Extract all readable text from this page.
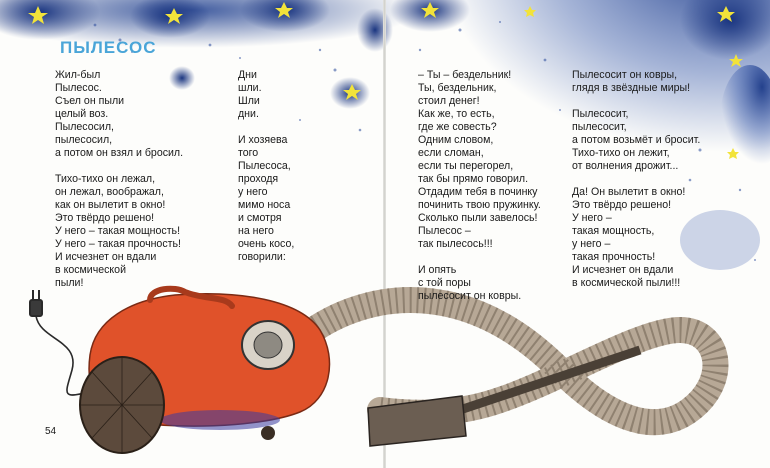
ПЫЛЕСОС
Жил-был
Пылесос.
Съел он пыли
целый воз.
Пылесосил,
пылесосил,
а потом он взял и бросил.
Тихо-тихо он лежал,
он лежал, воображал,
как он вылетит в окно!
Это твёрдо решено!
У него – такая мощность!
У него – такая прочность!
И исчезнет он вдали
в космической
пыли!
Дни
шли.
Шли
дни.
И хозяева
того
Пылесоса,
проходя
у него
мимо носа
и смотря
на него
очень косо,
говорили:
– Ты – бездельник!
Ты, бездельник,
стоил денег!
Как же, то есть,
где же совесть?
Одним словом,
если сломан,
если ты перегорел,
так бы прямо говорил.
Отдадим тебя в починку
починить твою пружинку.
Сколько пыли завелось!
Пылесос –
так пылесось!!!
И опять
с той поры
пылесосит он ковры.
Пылесосит он ковры,
глядя в звёздные миры!
Пылесосит,
пылесосит,
а потом возьмёт и бросит.
Тихо-тихо он лежит,
от волнения дрожит...
Да! Он вылетит в окно!
Это твёрдо решено!
У него –
такая мощность,
у него –
такая прочность!
И исчезнет он вдали
в космической пыли!!!
54
